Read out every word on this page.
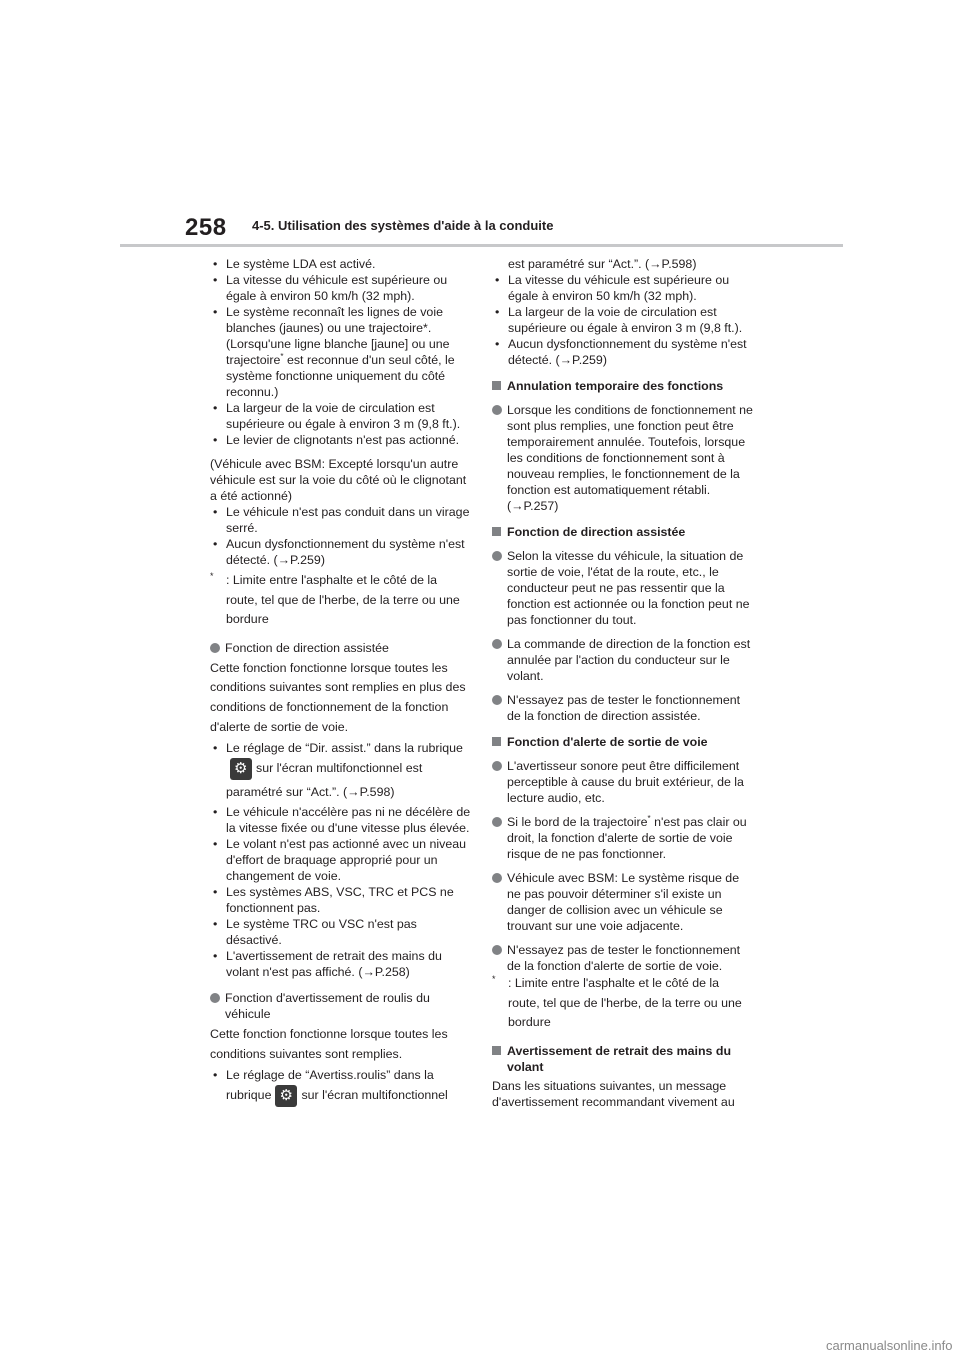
258 4-5. Utilisation des systèmes d'aide à la conduite
• Le système LDA est activé.
• La vitesse du véhicule est supérieure ou égale à environ 50 km/h (32 mph).
• Le système reconnaît les lignes de voie blanches (jaunes) ou une trajectoire*. (Lorsqu'une ligne blanche [jaune] ou une trajectoire* est reconnue d'un seul côté, le système fonctionne uniquement du côté reconnu.)
• La largeur de la voie de circulation est supérieure ou égale à environ 3 m (9,8 ft.).
• Le levier de clignotants n'est pas actionné.
(Véhicule avec BSM: Excepté lorsqu'un autre véhicule est sur la voie du côté où le clignotant a été actionné)
• Le véhicule n'est pas conduit dans un virage serré.
• Aucun dysfonctionnement du système n'est détecté. (→P.259)
* : Limite entre l'asphalte et le côté de la route, tel que de l'herbe, de la terre ou une bordure
Fonction de direction assistée
Cette fonction fonctionne lorsque toutes les conditions suivantes sont remplies en plus des conditions de fonctionnement de la fonction d'alerte de sortie de voie.
• Le réglage de “Dir. assist.” dans la rubrique
⚙sur l'écran multifonctionnel est paramétré sur “Act.”. (→P.598)
• Le véhicule n'accélère pas ni ne décélère de la vitesse fixée ou d'une vitesse plus élevée.
• Le volant n'est pas actionné avec un niveau d'effort de braquage approprié pour un changement de voie.
• Les systèmes ABS, VSC, TRC et PCS ne fonctionnent pas.
• Le système TRC ou VSC n'est pas désactivé.
• L'avertissement de retrait des mains du volant n'est pas affiché. (→P.258)
Fonction d'avertissement de roulis du véhicule
Cette fonction fonctionne lorsque toutes les conditions suivantes sont remplies.
• Le réglage de “Avertiss.roulis” dans la
rubrique⚙ sur l'écran multifonctionnel
est paramétré sur “Act.”. (→P.598)
• La vitesse du véhicule est supérieure ou égale à environ 50 km/h (32 mph).
• La largeur de la voie de circulation est supérieure ou égale à environ 3 m (9,8 ft.).
• Aucun dysfonctionnement du système n'est détecté. (→P.259)
Annulation temporaire des fonctions
Lorsque les conditions de fonctionnement ne sont plus remplies, une fonction peut être temporairement annulée. Toutefois, lorsque les conditions de fonctionnement sont à nouveau remplies, le fonctionnement de la fonction est automatiquement rétabli. (→P.257)
Fonction de direction assistée
Selon la vitesse du véhicule, la situation de sortie de voie, l'état de la route, etc., le conducteur peut ne pas ressentir que la fonction est actionnée ou la fonction peut ne pas fonctionner du tout.
La commande de direction de la fonction est annulée par l'action du conducteur sur le volant.
N'essayez pas de tester le fonctionnement de la fonction de direction assistée.
Fonction d'alerte de sortie de voie
L'avertisseur sonore peut être difficilement perceptible à cause du bruit extérieur, de la lecture audio, etc.
Si le bord de la trajectoire* n'est pas clair ou droit, la fonction d'alerte de sortie de voie risque de ne pas fonctionner.
Véhicule avec BSM: Le système risque de ne pas pouvoir déterminer s'il existe un danger de collision avec un véhicule se trouvant sur une voie adjacente.
N'essayez pas de tester le fonctionnement de la fonction d'alerte de sortie de voie.
* : Limite entre l'asphalte et le côté de la route, tel que de l'herbe, de la terre ou une bordure
Avertissement de retrait des mains du volant
Dans les situations suivantes, un message d'avertissement recommandant vivement au
carmanualsonline.info
